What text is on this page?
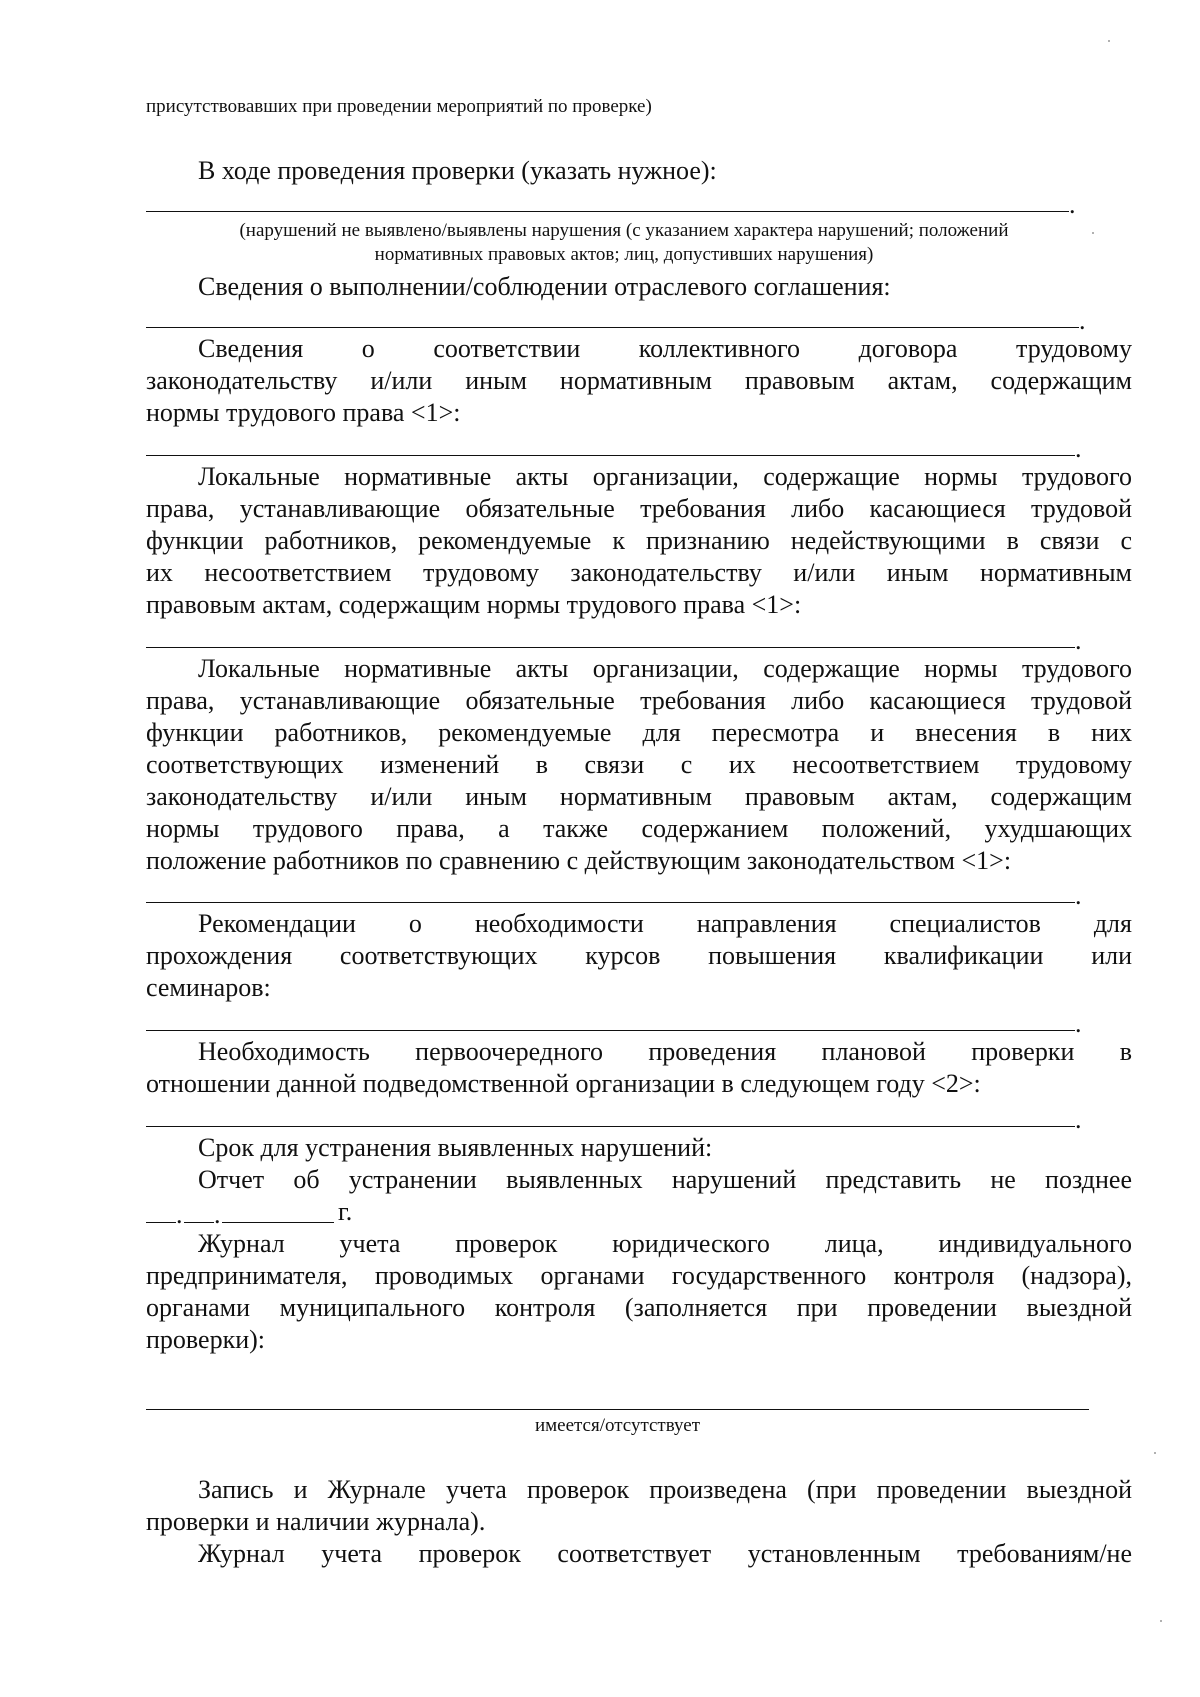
присутствовавших при проведении мероприятий по проверке)
В ходе проведения проверки (указать нужное):
.
(нарушений не выявлено/выявлены нарушения (с указанием характера нарушений; положений
нормативных правовых актов; лиц, допустивших нарушения)
Сведения о выполнении/соблюдении отраслевого соглашения:
.
Сведения о соответствии коллективного договора трудовому
законодательству и/или иным нормативным правовым актам, содержащим
нормы трудового права <1>:
.
Локальные нормативные акты организации, содержащие нормы трудового
права, устанавливающие обязательные требования либо касающиеся трудовой
функции работников, рекомендуемые к признанию недействующими в связи с
их несоответствием трудовому законодательству и/или иным нормативным
правовым актам, содержащим нормы трудового права <1>:
.
Локальные нормативные акты организации, содержащие нормы трудового
права, устанавливающие обязательные требования либо касающиеся трудовой
функции работников, рекомендуемые для пересмотра и внесения в них
соответствующих изменений в связи с их несоответствием трудовому
законодательству и/или иным нормативным правовым актам, содержащим
нормы трудового права, а также содержанием положений, ухудшающих
положение работников по сравнению с действующим законодательством <1>:
.
Рекомендации о необходимости направления специалистов для
прохождения соответствующих курсов повышения квалификации или
семинаров:
.
Необходимость первоочередного проведения плановой проверки в
отношении данной подведомственной организации в следующем году <2>:
.
Срок для устранения выявленных нарушений:
Отчет об устранении выявленных нарушений представить не позднее
. .	г.
Журнал учета проверок юридического лица, индивидуального
предпринимателя, проводимых органами государственного контроля (надзора),
органами муниципального контроля (заполняется при проведении выездной
проверки):
имеется/отсутствует
Запись и Журнале учета проверок произведена (при проведении выездной
проверки и наличии журнала).
Журнал учета проверок соответствует установленным требованиям/не
